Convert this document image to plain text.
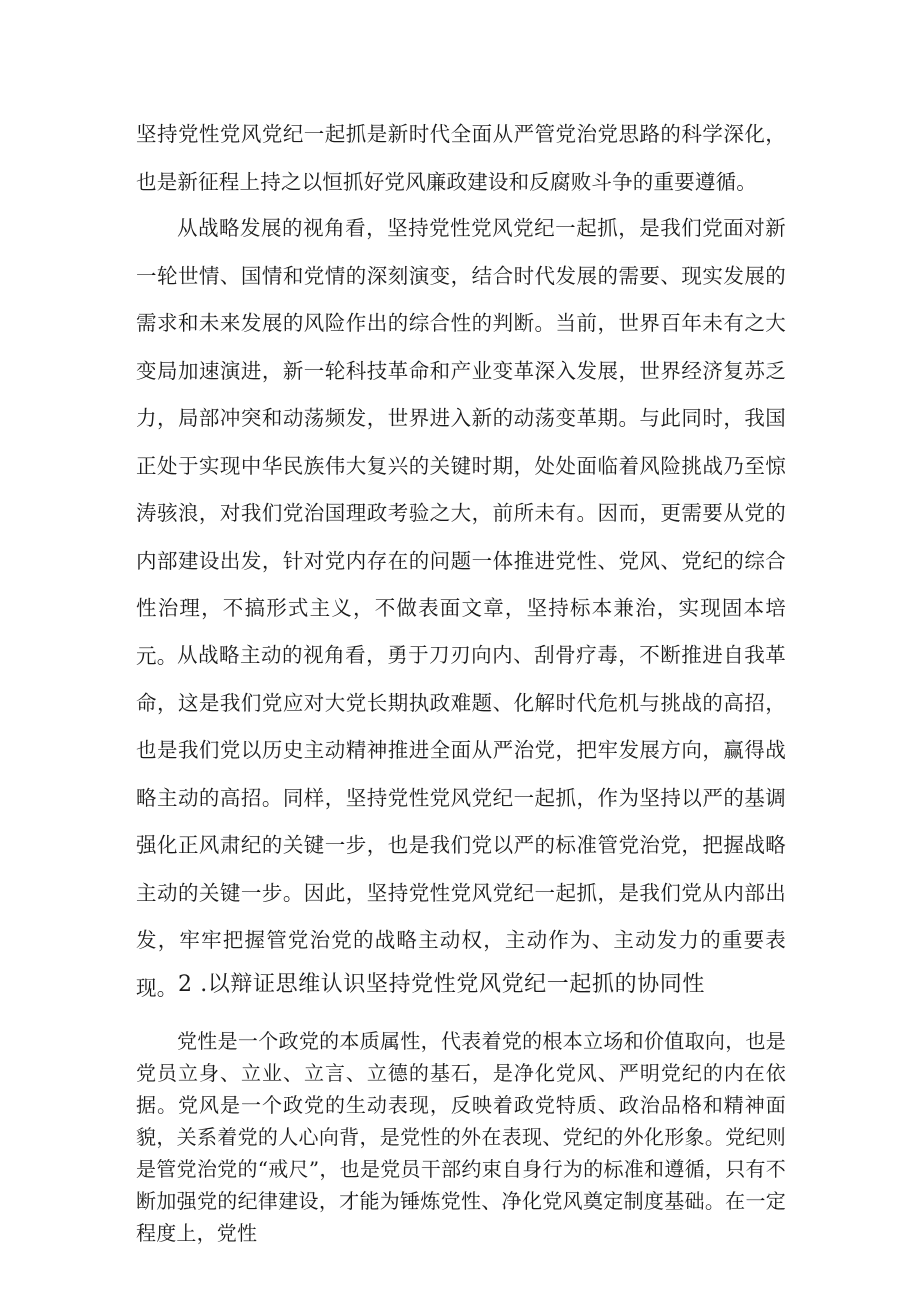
坚持党性党风党纪一起抓是新时代全面从严管党治党思路的科学深化，也是新征程上持之以恒抓好党风廉政建设和反腐败斗争的重要遵循。

从战略发展的视角看，坚持党性党风党纪一起抓，是我们党面对新一轮世情、国情和党情的深刻演变，结合时代发展的需要、现实发展的需求和未来发展的风险作出的综合性的判断。当前，世界百年未有之大变局加速演进，新一轮科技革命和产业变革深入发展，世界经济复苏乏力，局部冲突和动荡频发，世界进入新的动荡变革期。与此同时，我国正处于实现中华民族伟大复兴的关键时期，处处面临着风险挑战乃至惊涛骇浪，对我们党治国理政考验之大，前所未有。因而，更需要从党的内部建设出发，针对党内存在的问题一体推进党性、党风、党纪的综合性治理，不搞形式主义，不做表面文章，坚持标本兼治，实现固本培元。 从战略主动的视角看，勇于刀刃向内、刮骨疗毒，不断推进自我革命，这是我们党应对大党长期执政难题、化解时代危机与挑战的高招，也是我们党以历史主动精神推进全面从严治党，把牢发展方向，赢得战略主动的高招。同样，坚持党性党风党纪一起抓，作为坚持以严的基调强化正风肃纪的关键一步，也是我们党以严的标准管党治党，把握战略主动的关键一步。因此，坚持党性党风党纪一起抓，是我们党从内部出发，牢牢把握管党治党的战略主动权，主动作为、主动发力的重要表现。 2 .以辩证思维认识坚持党性党风党纪一起抓的协同性

党性是一个政党的本质属性，代表着党的根本立场和价值取向，也是党员立身、立业、立言、立德的基石，是净化党风、严明党纪的内在依据。党风是一个政党的生动表现，反映着政党特质、政治品格和精神面貌，关系着党的人心向背，是党性的外在表现、党纪的外化形象。党纪则是管党治党的“戒尺”，也是党员干部约束自身行为的标准和遵循，只有不断加强党的纪律建设，才能为锤炼党性、净化党风奠定制度基础。在一定程度上，党性
